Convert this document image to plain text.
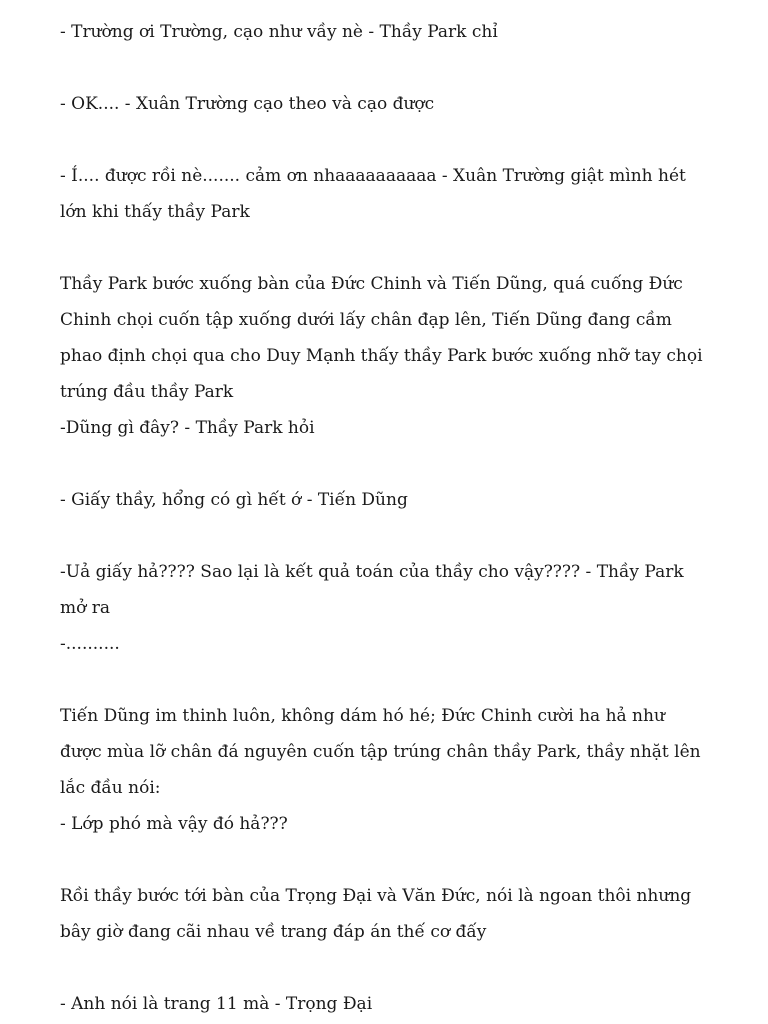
- Trường ơi Trường, cạo như vầy nè - Thầy Park chỉ

- OK.... - Xuân Trường cạo theo và cạo được

- Í.... được rồi nè....... cảm ơn nhaaaaaaaaaa - Xuân Trường giật mình hét lớn khi thấy thầy Park

Thầy Park bước xuống bàn của Đức Chinh và Tiến Dũng, quá cuống Đức Chinh chọi cuốn tập xuống dưới lấy chân đạp lên, Tiến Dũng đang cầm phao định chọi qua cho Duy Mạnh thấy thầy Park bước xuống nhỡ tay chọi trúng đầu thầy Park

-Dũng gì đây? - Thầy Park hỏi

- Giấy thầy, hổng có gì hết ớ - Tiến Dũng

-Uả giấy hả???? Sao lại là kết quả toán của thầy cho vậy???? - Thầy Park mở ra

-..........

Tiến Dũng im thinh luôn, không dám hó hé; Đức Chinh cười ha hả như được mùa lỡ chân đá nguyên cuốn tập trúng chân thầy Park, thầy nhặt lên lắc đầu nói:

- Lớp phó mà vậy đó hả???

Rồi thầy bước tới bàn của Trọng Đại và Văn Đức, nói là ngoan thôi nhưng bây giờ đang cãi nhau về trang đáp án thế cơ đấy

- Anh nói là trang 11 mà - Trọng Đại
